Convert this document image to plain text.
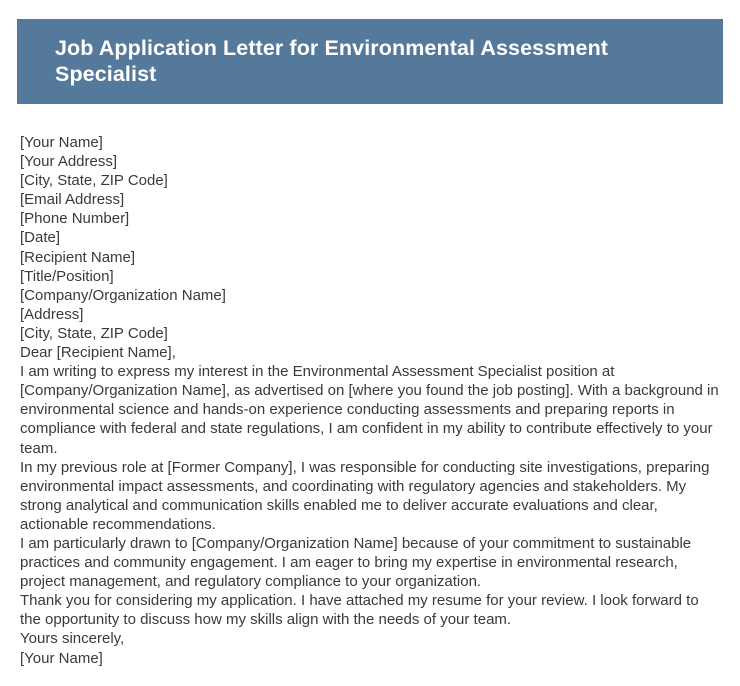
Job Application Letter for Environmental Assessment Specialist

[Your Name]

[Your Address]

[City, State, ZIP Code]

[Email Address]

[Phone Number]

[Date]

[Recipient Name]

[Title/Position]

[Company/Organization Name]

[Address]

[City, State, ZIP Code]

Dear [Recipient Name],

I am writing to express my interest in the Environmental Assessment Specialist position at [Company/Organization Name], as advertised on [where you found the job posting]. With a background in environmental science and hands-on experience conducting assessments and preparing reports in compliance with federal and state regulations, I am confident in my ability to contribute effectively to your team.

In my previous role at [Former Company], I was responsible for conducting site investigations, preparing environmental impact assessments, and coordinating with regulatory agencies and stakeholders. My strong analytical and communication skills enabled me to deliver accurate evaluations and clear, actionable recommendations.

I am particularly drawn to [Company/Organization Name] because of your commitment to sustainable practices and community engagement. I am eager to bring my expertise in environmental research, project management, and regulatory compliance to your organization.

Thank you for considering my application. I have attached my resume for your review. I look forward to the opportunity to discuss how my skills align with the needs of your team.

Yours sincerely,

[Your Name]
